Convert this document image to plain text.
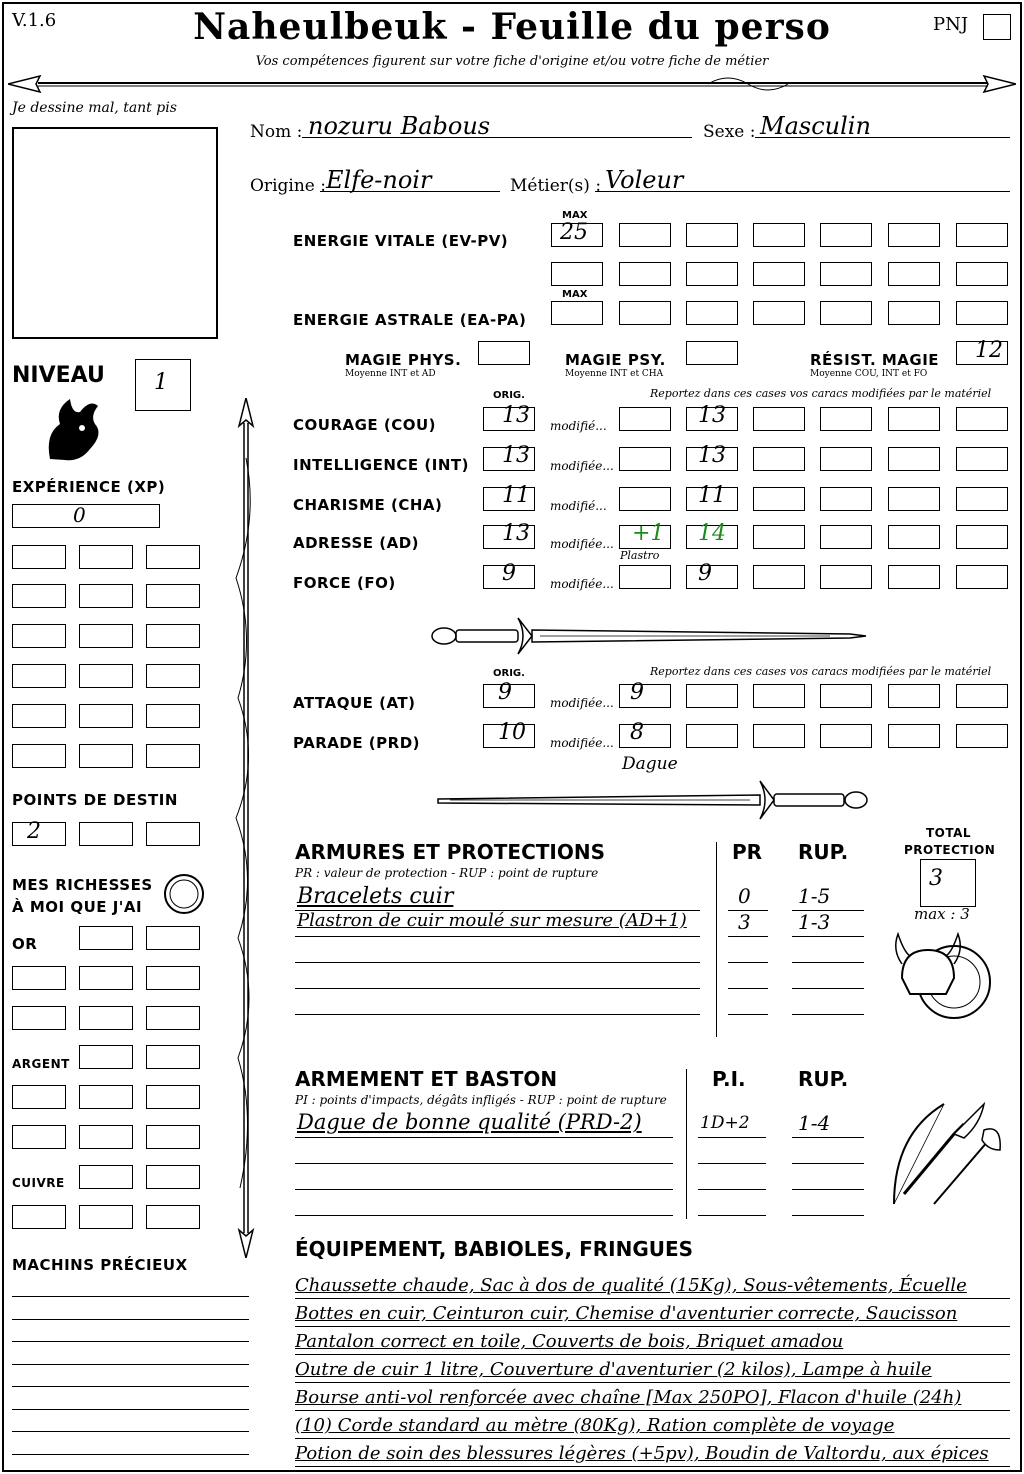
V.1.6	Naheulbeuk - Feuille du perso
Vos compétences figurent sur votre fiche d'origine et/ou votre fiche de métier
PNJ
Je dessine mal, tant pis
Nom : nozuru Babous	Sexe : Masculin
Origine : Elfe-noir	Métier(s) : Voleur
MAX
ENERGIE VITALE (EV-PV) 25
MAX
ENERGIE ASTRALE (EA-PA)
MAGIE PHYS.
Moyenne INT et AD
MAGIE PSY.
Moyenne INT et CHA
RÉSIST. MAGIE
Moyenne COU, INT et FO
12
NIVEAU 1
EXPÉRIENCE (XP)
0
POINTS DE DESTIN
2
MES RICHESSES
À MOI QUE J'AI
OR
ARGENT
CUIVRE
MACHINS PRÉCIEUX
ORIG.	Reportez dans ces cases vos caracs modifiées par le matériel
Plastro
ORIG.	Reportez dans ces cases vos caracs modifiées par le matériel
Dague
ARMURES ET PROTECTIONS
PR : valeur de protection - RUP : point de rupture
PR RUP.
TOTAL
PROTECTION
3
max : 3
ARMEMENT ET BASTON
PI : points d'impacts, dégâts infligés - RUP : point de rupture
P.I.	RUP.
ÉQUIPEMENT, BABIOLES, FRINGUES
COURAGE (COU)	13 modifié...	13
INTELLIGENCE (INT) 13 modifiée...	13
CHARISME (CHA)	11 modifié...	11
ADRESSE (AD)	13 modifiée... +1 14
FORCE (FO)	9	modifiée...	9
ATTAQUE (AT)	9	modifiée... 9
PARADE (PRD)	10 modifiée... 8
Bracelets cuir	0 1-5
Plastron de cuir moulé sur mesure (AD+1)	3 1-3
Dague de bonne qualité (PRD-2)	1D+2 1-4
Chaussette chaude, Sac à dos de qualité (15Kg), Sous-vêtements, Écuelle
Bottes en cuir, Ceinturon cuir, Chemise d'aventurier correcte, Saucisson
Pantalon correct en toile, Couverts de bois, Briquet amadou
Outre de cuir 1 litre, Couverture d'aventurier (2 kilos), Lampe à huile
Bourse anti-vol renforcée avec chaîne [Max 250PO], Flacon d'huile (24h)
(10) Corde standard au mètre (80Kg), Ration complète de voyage
Potion de soin des blessures légères (+5pv), Boudin de Valtordu, aux épices
